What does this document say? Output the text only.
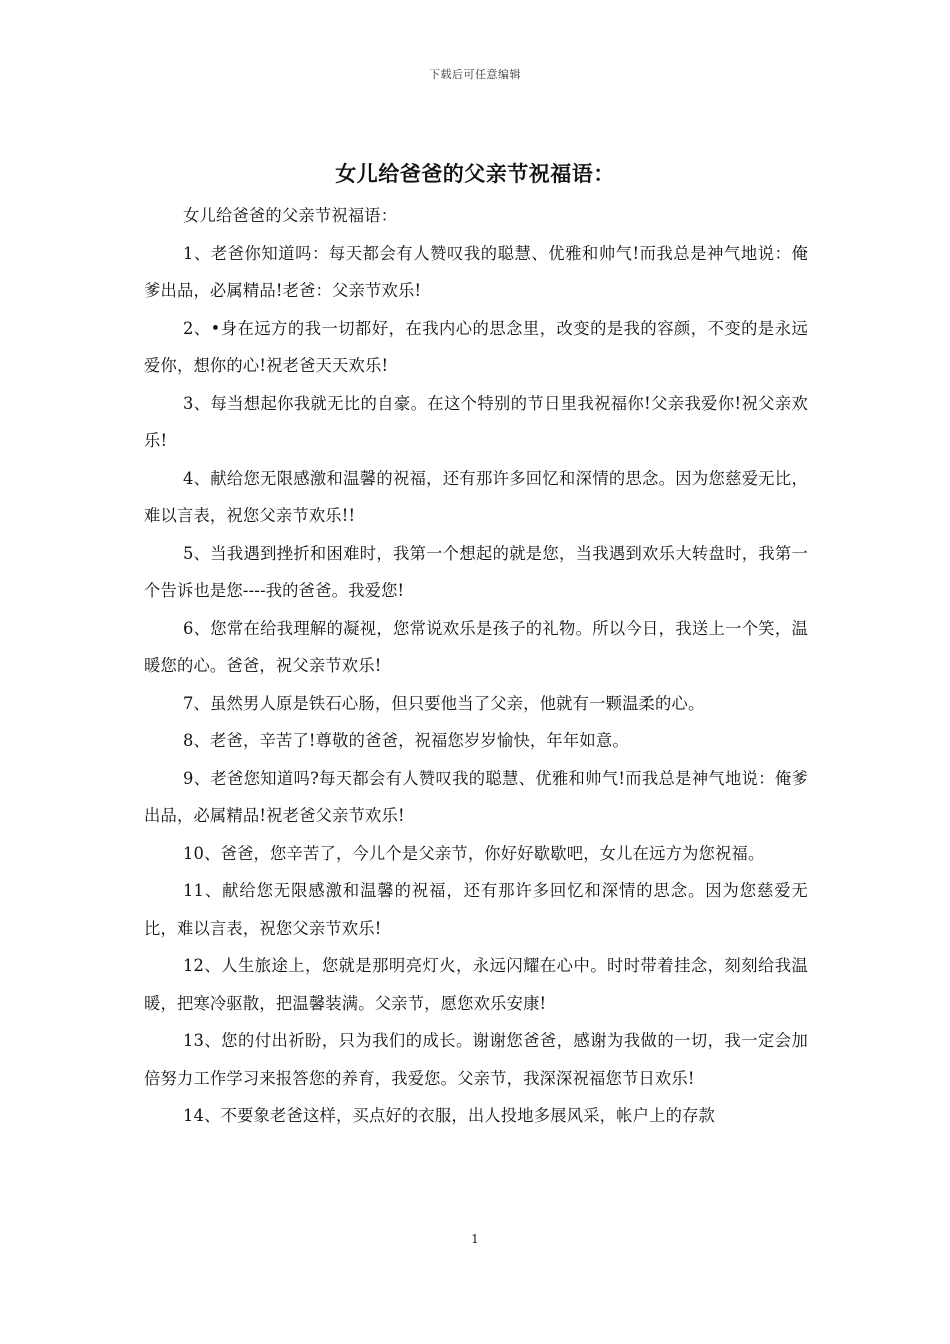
下载后可任意编辑
女儿给爸爸的父亲节祝福语：

女儿给爸爸的父亲节祝福语：

1、老爸你知道吗：每天都会有人赞叹我的聪慧、优雅和帅气!而我总是神气地说：俺爹出品，必属精品!老爸：父亲节欢乐!

2、•身在远方的我一切都好，在我内心的思念里，改变的是我的容颜，不变的是永远爱你，想你的心!祝老爸天天欢乐!

3、每当想起你我就无比的自豪。在这个特别的节日里我祝福你!父亲我爱你!祝父亲欢乐!

4、献给您无限感激和温馨的祝福，还有那许多回忆和深情的思念。因为您慈爱无比，难以言表，祝您父亲节欢乐!!

5、当我遇到挫折和困难时，我第一个想起的就是您，当我遇到欢乐大转盘时，我第一个告诉也是您----我的爸爸。我爱您!

6、您常在给我理解的凝视，您常说欢乐是孩子的礼物。所以今日，我送上一个笑，温暖您的心。爸爸，祝父亲节欢乐!

7、虽然男人原是铁石心肠，但只要他当了父亲，他就有一颗温柔的心。

8、老爸，辛苦了!尊敬的爸爸，祝福您岁岁愉快，年年如意。

9、老爸您知道吗?每天都会有人赞叹我的聪慧、优雅和帅气!而我总是神气地说：俺爹出品，必属精品!祝老爸父亲节欢乐!

10、爸爸，您辛苦了，今儿个是父亲节，你好好歇歇吧，女儿在远方为您祝福。

11、献给您无限感激和温馨的祝福，还有那许多回忆和深情的思念。因为您慈爱无比，难以言表，祝您父亲节欢乐!

12、人生旅途上，您就是那明亮灯火，永远闪耀在心中。时时带着挂念，刻刻给我温暖，把寒冷驱散，把温馨装满。父亲节，愿您欢乐安康!

13、您的付出祈盼，只为我们的成长。谢谢您爸爸，感谢为我做的一切，我一定会加倍努力工作学习来报答您的养育，我爱您。父亲节，我深深祝福您节日欢乐!

14、不要象老爸这样，买点好的衣服，出人投地多展风采，帐户上的存款

1
